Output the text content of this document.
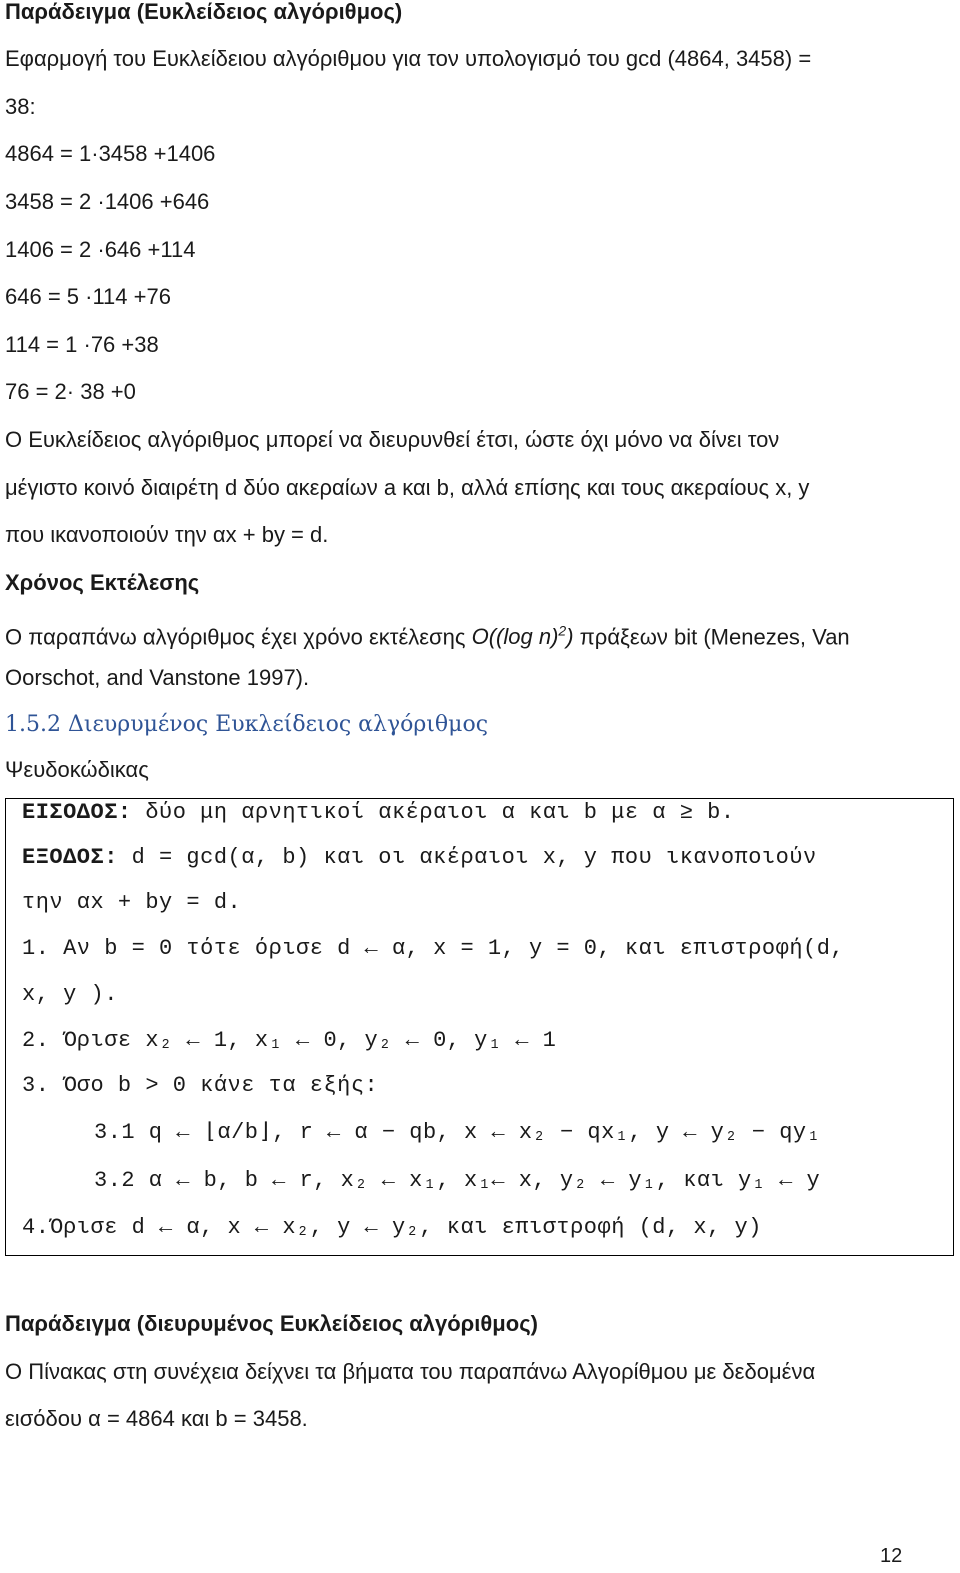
Παράδειγμα (Ευκλείδειος αλγόριθμος)
Εφαρμογή του Ευκλείδειου αλγόριθμου για τον υπολογισμό του gcd (4864, 3458) =
38:
4864 = 1·3458 +1406
3458 = 2 ·1406 +646
1406 = 2 ·646 +114
646 = 5 ·114 +76
114 = 1 ·76 +38
76 = 2· 38 +0
Ο Ευκλείδειος αλγόριθμος μπορεί να διευρυνθεί έτσι, ώστε όχι μόνο να δίνει τον
μέγιστο κοινό διαιρέτη d δύο ακεραίων a και b, αλλά επίσης και τους ακεραίους x, y
που ικανοποιούν την αx + by = d.
Χρόνος Εκτέλεσης
Ο παραπάνω αλγόριθμος έχει χρόνο εκτέλεσης O((log n)$^2$) πράξεων bit (Menezes, Van
Oorschot, and Vanstone 1997).
1.5.2 Διευρυμένος Ευκλείδειος αλγόριθμος
Ψευδοκώδικας
ΕΙΣΟΔΟΣ: δύο μη αρνητικοί ακέραιοι α και b με α ≥ b.
ΕΞΟΔΟΣ: d = gcd(α, b) και οι ακέραιοι x, y που ικανοποιούν
την αx + by = d.
1. Αν b = 0 τότε όρισε d ← α, x = 1, y = 0, και επιστροφή(d,
x, y ).
2. Όρισε x₂ ← 1, x₁ ← 0, y₂ ← 0, y₁ ← 1
3. Όσο b > 0 κάνε τα εξής:
3.1 q ← ⌊α/b⌋, r ← α − qb, x ← x₂ − qx₁, y ← y₂ − qy₁
3.2 α ← b, b ← r, x₂ ← x₁, x₁← x, y₂ ← y₁, και y₁ ← y
4.Όρισε d ← α, x ← x₂, y ← y₂, και επιστροφή (d, x, y)
Παράδειγμα (διευρυμένος Ευκλείδειος αλγόριθμος)
Ο Πίνακας στη συνέχεια δείχνει τα βήματα του παραπάνω Αλγορίθμου με δεδομένα
εισόδου α = 4864 και b = 3458.
12
